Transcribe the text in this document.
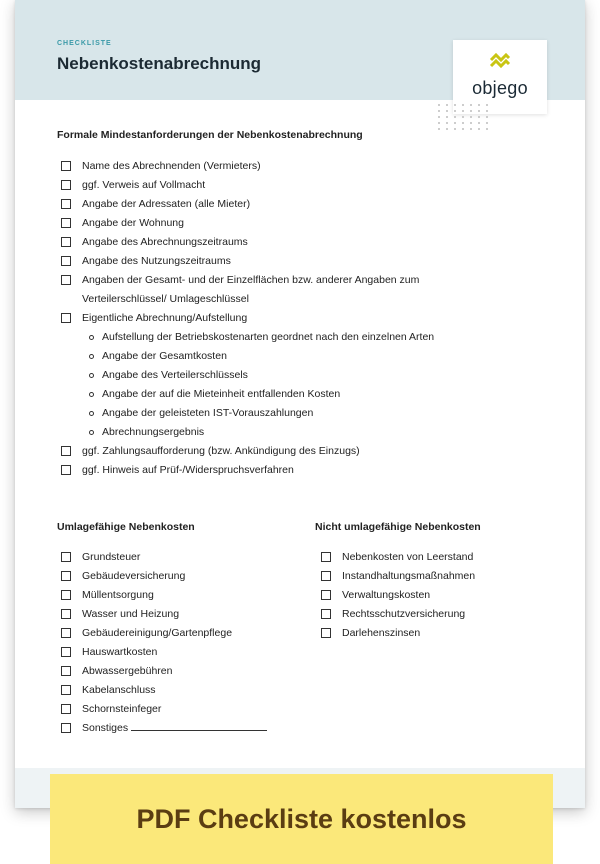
CHECKLISTE
Nebenkostenabrechnung
objego
Formale Mindestanforderungen der Nebenkostenabrechnung
Name des Abrechnenden (Vermieters)
ggf. Verweis auf Vollmacht
Angabe der Adressaten (alle Mieter)
Angabe der Wohnung
Angabe des Abrechnungszeitraums
Angabe des Nutzungszeitraums
Angaben der Gesamt- und der Einzelflächen bzw. anderer Angaben zum Verteilerschlüssel/ Umlageschlüssel
Eigentliche Abrechnung/Aufstellung
Aufstellung der Betriebskostenarten geordnet nach den einzelnen Arten
Angabe der Gesamtkosten
Angabe des Verteilerschlüssels
Angabe der auf die Mieteinheit entfallenden Kosten
Angabe der geleisteten IST-Vorauszahlungen
Abrechnungsergebnis
ggf. Zahlungsaufforderung (bzw. Ankündigung des Einzugs)
ggf. Hinweis auf Prüf-/Widerspruchsverfahren
Umlagefähige Nebenkosten
Grundsteuer
Gebäudeversicherung
Müllentsorgung
Wasser und Heizung
Gebäudereinigung/Gartenpflege
Hauswartkosten
Abwassergebühren
Kabelanschluss
Schornsteinfeger
Sonstiges
Nicht umlagefähige Nebenkosten
Nebenkosten von Leerstand
Instandhaltungsmaßnahmen
Verwaltungskosten
Rechtsschutzversicherung
Darlehenszinsen
PDF Checkliste kostenlos
